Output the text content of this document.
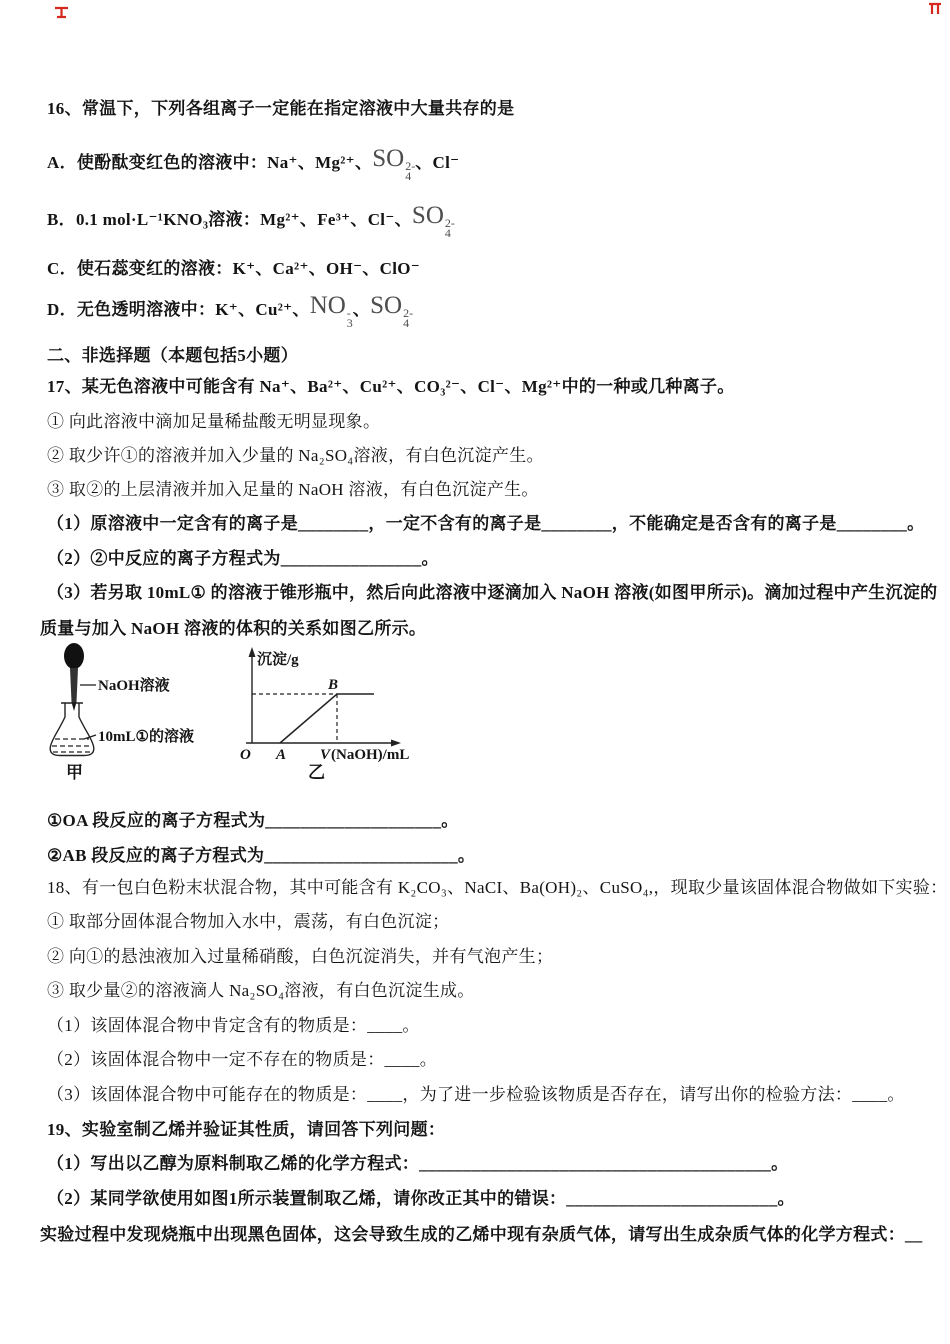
16、常温下，下列各组离子一定能在指定溶液中大量共存的是
A．使酚酞变红色的溶液中：Na⁺、Mg²⁺、SO 2-
4
、Cl⁻
B．0.1 mol·L⁻¹KNO₃溶液：Mg²⁺、Fe³⁺、Cl⁻、SO 2-
4
C．使石蕊变红的溶液：K⁺、Ca²⁺、OH⁻、ClO⁻
D．无色透明溶液中：K⁺、Cu²⁺、NO -
3
、SO 2-
4
二、非选择题（本题包括5小题）
17、某无色溶液中可能含有 Na⁺、Ba²⁺、Cu²⁺、CO₃²⁻、Cl⁻、Mg²⁺中的一种或几种离子。
① 向此溶液中滴加足量稀盐酸无明显现象。
② 取少许①的溶液并加入少量的 Na₂SO₄溶液，有白色沉淀产生。
③ 取②的上层清液并加入足量的 NaOH 溶液，有白色沉淀产生。
（1）原溶液中一定含有的离子是________，一定不含有的离子是________，不能确定是否含有的离子是________。
（2）②中反应的离子方程式为________________。
（3）若另取 10mL① 的溶液于锥形瓶中，然后向此溶液中逐滴加入 NaOH 溶液(如图甲所示)。滴加过程中产生沉淀的
质量与加入 NaOH 溶液的体积的关系如图乙所示。
NaOH溶液
10mL①的溶液
甲
沉淀/g
B
O A V (NaOH)/mL
乙
①OA 段反应的离子方程式为____________________。
②AB 段反应的离子方程式为______________________。
18、有一包白色粉末状混合物，其中可能含有 K₂CO₃、NaCI、Ba(OH)₂、CuSO₄,，现取少量该固体混合物做如下实验：
① 取部分固体混合物加入水中，震荡，有白色沉淀；
② 向①的悬浊液加入过量稀硝酸，白色沉淀消失，并有气泡产生；
③ 取少量②的溶液滴人 Na₂SO₄溶液，有白色沉淀生成。
（1）该固体混合物中肯定含有的物质是：____。
（2）该固体混合物中一定不存在的物质是：____。
（3）该固体混合物中可能存在的物质是：____，为了进一步检验该物质是否存在，请写出你的检验方法：____。
19、实验室制乙烯并验证其性质，请回答下列问题：
（1）写出以乙醇为原料制取乙烯的化学方程式：________________________________________。
（2）某同学欲使用如图1所示装置制取乙烯，请你改正其中的错误：________________________。
实验过程中发现烧瓶中出现黑色固体，这会导致生成的乙烯中现有杂质气体，请写出生成杂质气体的化学方程式：__
